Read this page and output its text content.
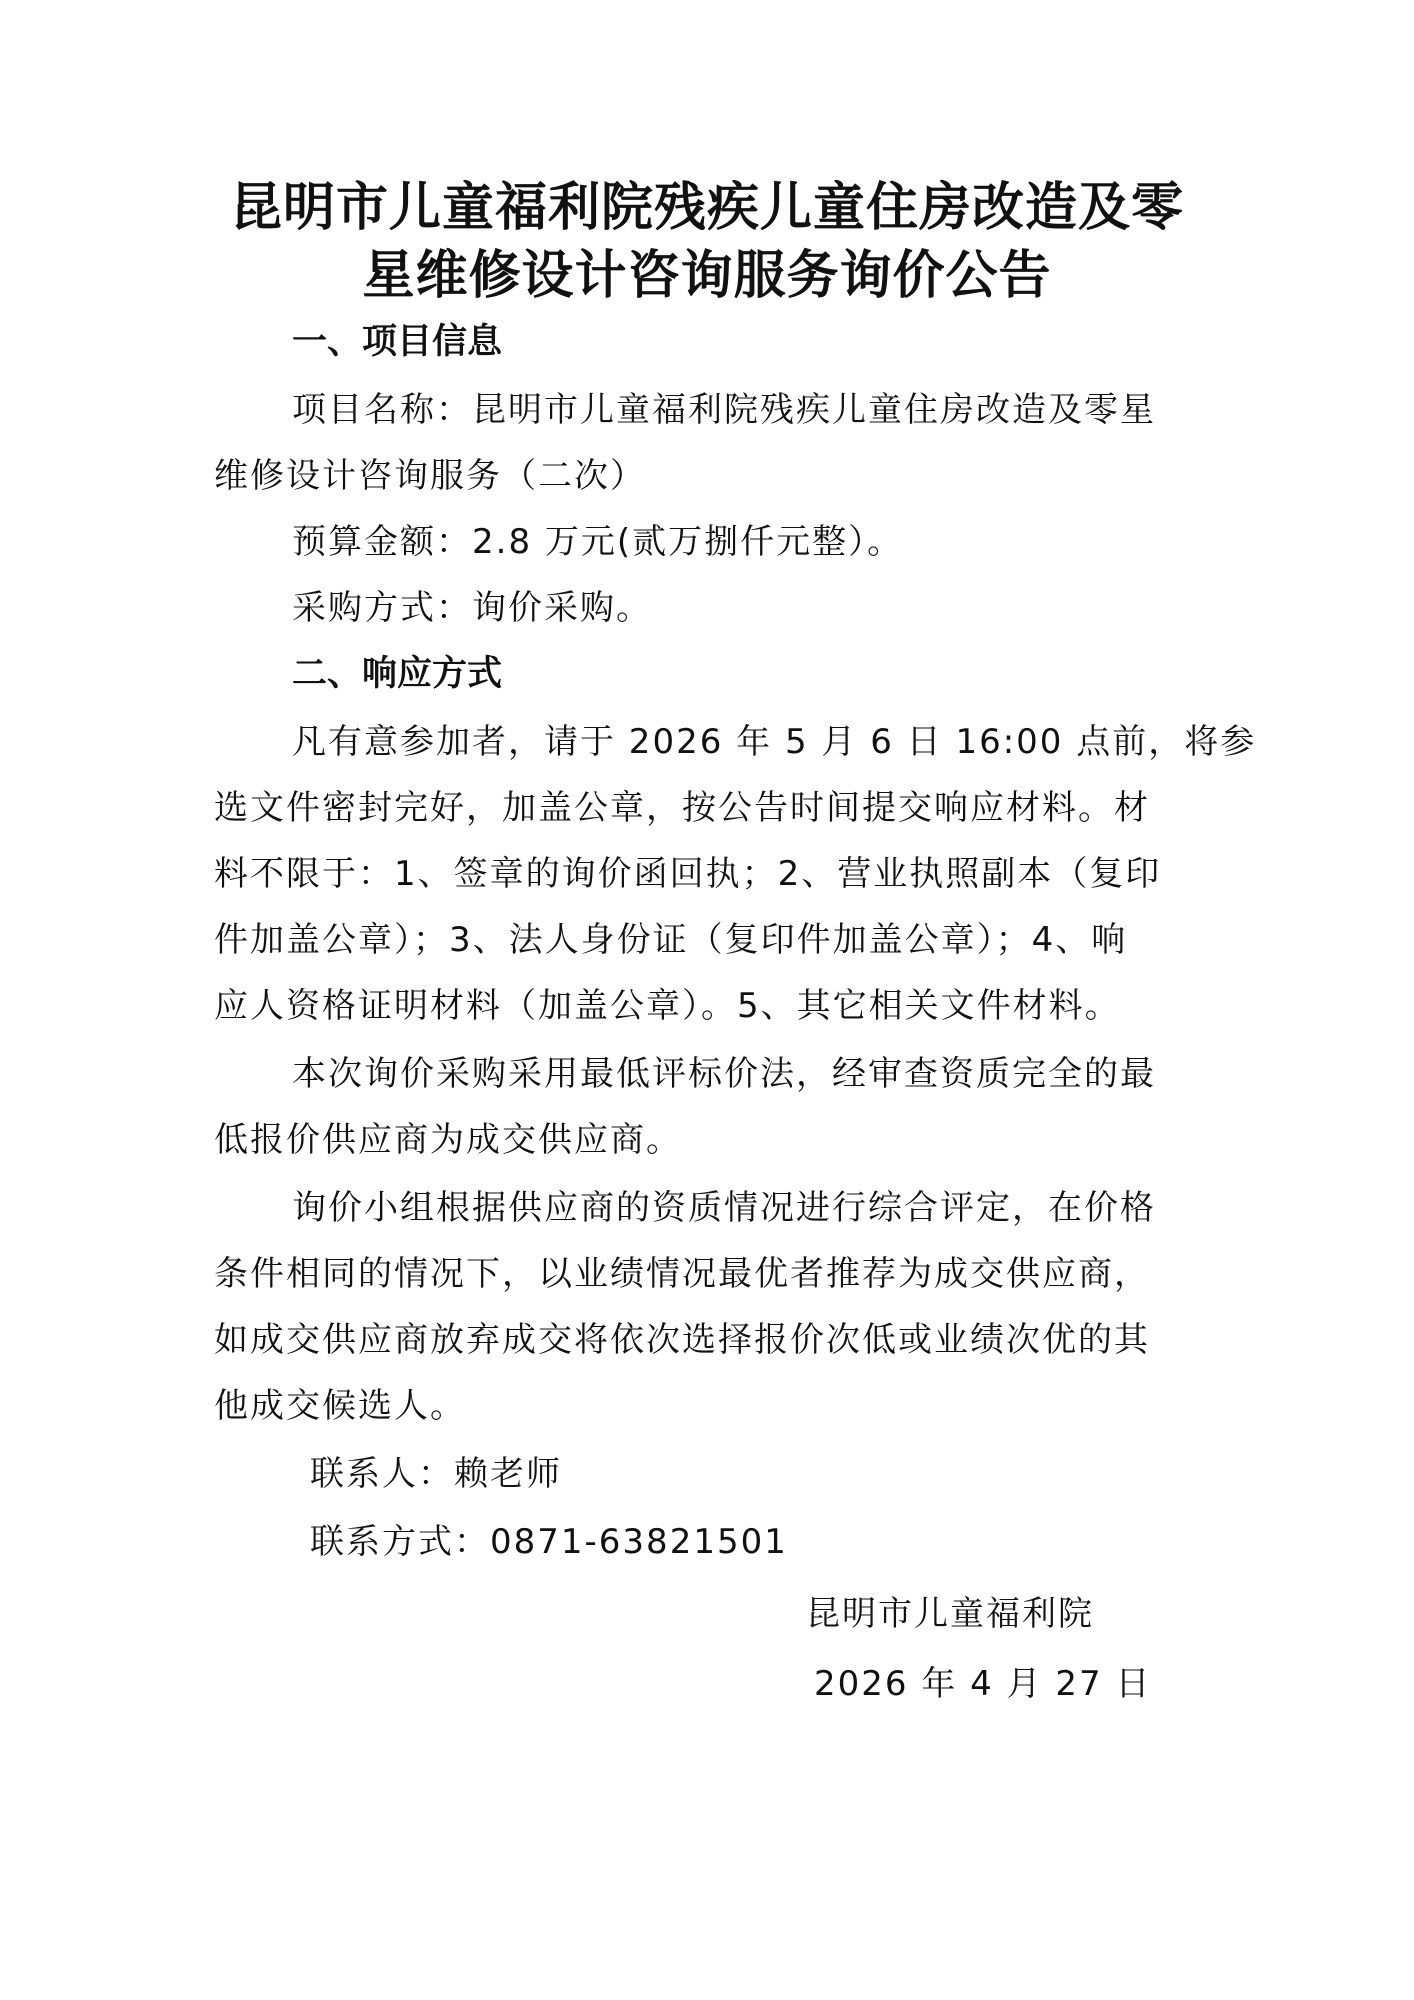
昆明市儿童福利院残疾儿童住房改造及零
星维修设计咨询服务询价公告
一、项目信息

项目名称：昆明市儿童福利院残疾儿童住房改造及零星

维修设计咨询服务（二次）

预算金额：2.8 万元(贰万捌仟元整）。

采购方式：询价采购。

二、响应方式

凡有意参加者，请于 2026 年 5 月 6 日 16:00 点前，将参

选文件密封完好，加盖公章，按公告时间提交响应材料。材

料不限于：1、签章的询价函回执；2、营业执照副本（复印

件加盖公章）；3、法人身份证（复印件加盖公章）；4、响

应人资格证明材料（加盖公章）。5、其它相关文件材料。

本次询价采购采用最低评标价法，经审查资质完全的最

低报价供应商为成交供应商。

询价小组根据供应商的资质情况进行综合评定，在价格

条件相同的情况下，以业绩情况最优者推荐为成交供应商，

如成交供应商放弃成交将依次选择报价次低或业绩次优的其

他成交候选人。

联系人：赖老师

联系方式：0871-63821501

昆明市儿童福利院

2026 年 4 月 27 日
